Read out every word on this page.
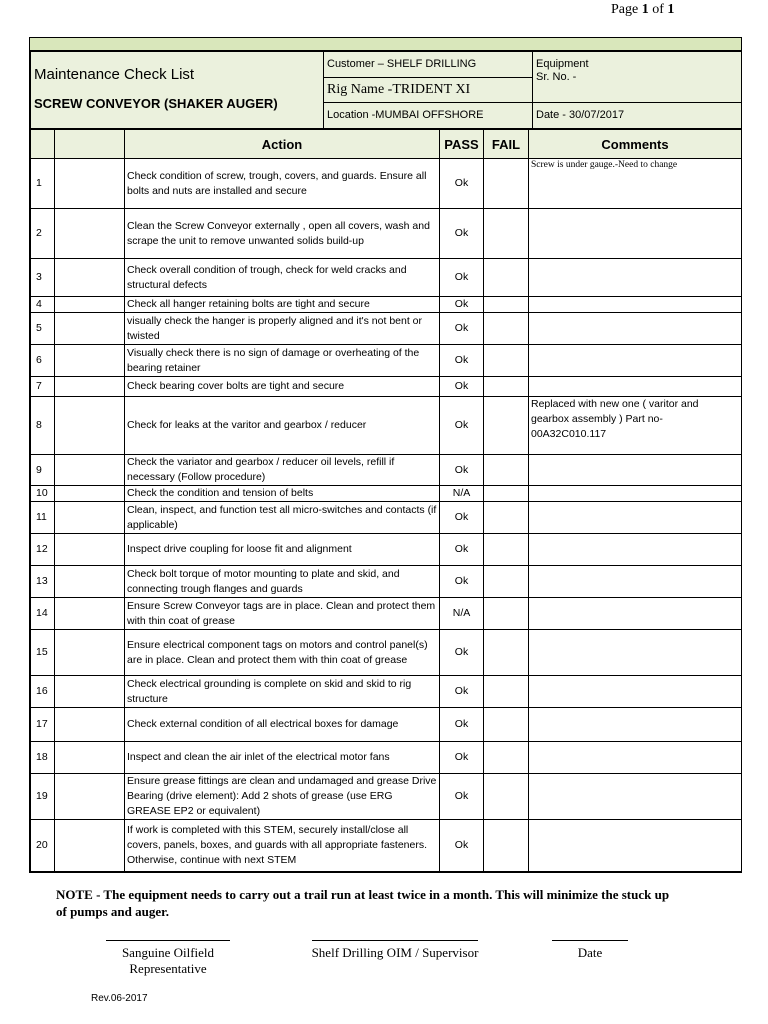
Page 1 of 1
Maintenance Check List
SCREW CONVEYOR (SHAKER AUGER)	Customer – SHELF DRILLING	Equipment
Sr. No. -
	Rig Name -TRIDENT XI	
	Location -MUMBAI OFFSHORE	Date - 30/07/2017
		Action	PASS	FAIL	Comments
1		Check condition of screw, trough, covers, and guards. Ensure all bolts and nuts are installed and secure	Ok		Screw is under gauge.-Need to change
2		Clean the Screw Conveyor externally , open all covers, wash and scrape the unit to remove unwanted solids build-up	Ok		
3		Check overall condition of trough, check for weld cracks and structural defects	Ok		
4		Check all hanger retaining bolts are tight and secure	Ok		
5		visually check the hanger is properly aligned and it's not bent or twisted	Ok		
6		Visually check there is no sign of damage or overheating of the bearing retainer	Ok		
7		Check bearing cover bolts are tight and secure	Ok		
8		Check for leaks at the varitor and gearbox / reducer	Ok		Replaced with new one ( varitor and gearbox assembly ) Part no- 00A32C010.117
9		Check the variator and gearbox / reducer oil levels, refill if necessary (Follow procedure)	Ok		
10		Check the condition and tension of belts	N/A		
11		Clean, inspect, and function test all micro-switches and contacts (if applicable)	Ok		
12		Inspect drive coupling for loose fit and alignment	Ok		
13		Check bolt torque of motor mounting to plate and skid, and connecting trough flanges and guards	Ok		
14		Ensure Screw Conveyor tags are in place. Clean and protect them with thin coat of grease	N/A		
15		Ensure electrical component tags on motors and control panel(s) are in place. Clean and protect them with thin coat of grease	Ok		
16		Check electrical grounding is complete on skid and skid to rig structure	Ok		
17		Check external condition of all electrical boxes for damage	Ok		
18		Inspect and clean the air inlet of the electrical motor fans	Ok		
19		Ensure grease fittings are clean and undamaged and grease Drive Bearing (drive element): Add 2 shots of grease (use ERG GREASE EP2 or equivalent)	Ok		
20		If work is completed with this STEM, securely install/close all covers, panels, boxes, and guards with all appropriate fasteners. Otherwise, continue with next STEM	Ok		
NOTE - The equipment needs to carry out a trail run at least twice in a month. This will minimize the stuck up of pumps and auger.
Sanguine Oilfield Representative
Shelf Drilling OIM / Supervisor	Date
Rev.06-2017
